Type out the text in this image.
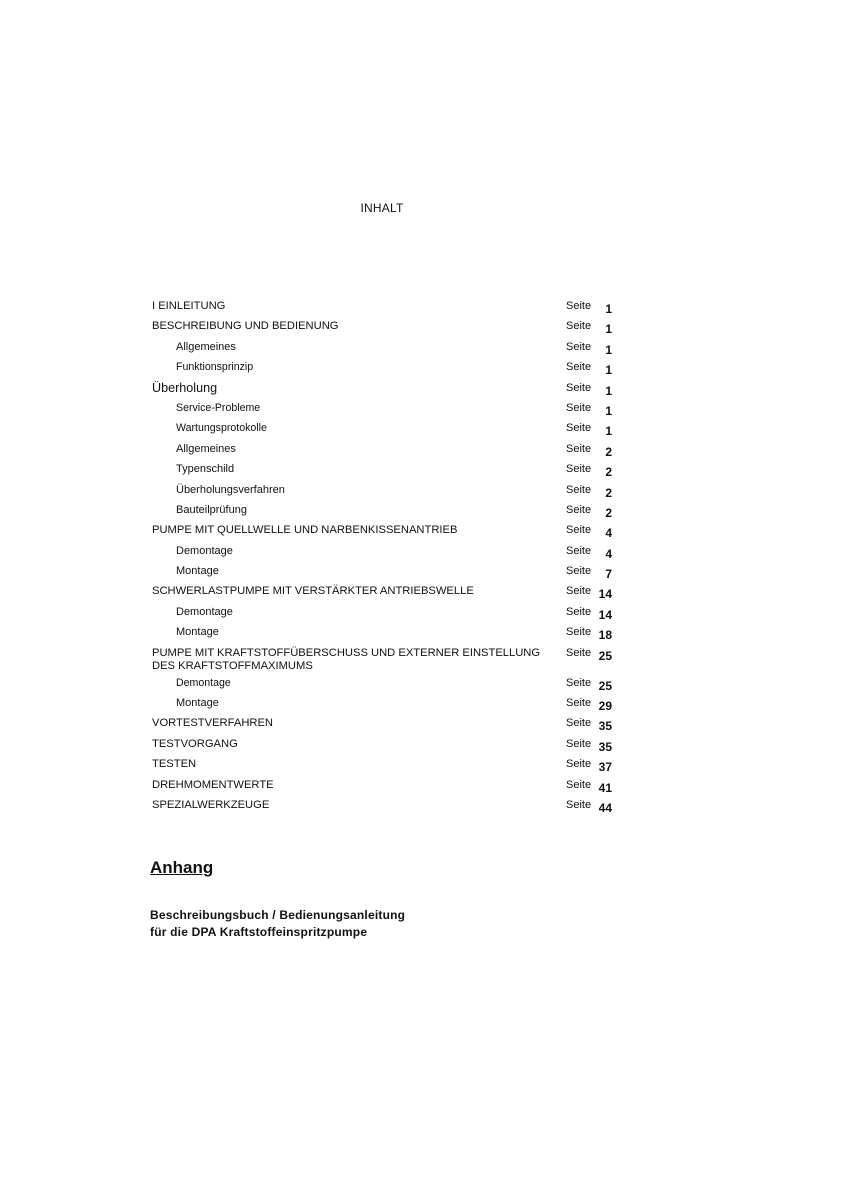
INHALT
I EINLEITUNG	Seite	1
BESCHREIBUNG UND BEDIENUNG	Seite	1
Allgemeines	Seite	1
Funktionsprinzip	Seite	1
Überholung	Seite	1
Service-Probleme	Seite	1
Wartungsprotokolle	Seite	1
Allgemeines	Seite	2
Typenschild	Seite	2
Überholungsverfahren	Seite	2
Bauteilprüfung	Seite	2
PUMPE MIT QUELLWELLE UND NARBENKISSENANTRIEB	Seite	4
Demontage	Seite	4
Montage	Seite	7
SCHWERLASTPUMPE MIT VERSTÄRKTER ANTRIEBSWELLE	Seite 14
Demontage	Seite 14
Montage	Seite 18
PUMPE MIT KRAFTSTOFFÜBERSCHUSS UND EXTERNER EINSTELLUNG
DES KRAFTSTOFFMAXIMUMS
Seite 25
Demontage	Seite 25
Montage	Seite 29
VORTESTVERFAHREN	Seite 35
TESTVORGANG	Seite 35
TESTEN	Seite 37
DREHMOMENTWERTE	Seite 41
SPEZIALWERKZEUGE	Seite 44
Anhang
Beschreibungsbuch / Bedienungsanleitung
für die DPA Kraftstoffeinspritzpumpe
